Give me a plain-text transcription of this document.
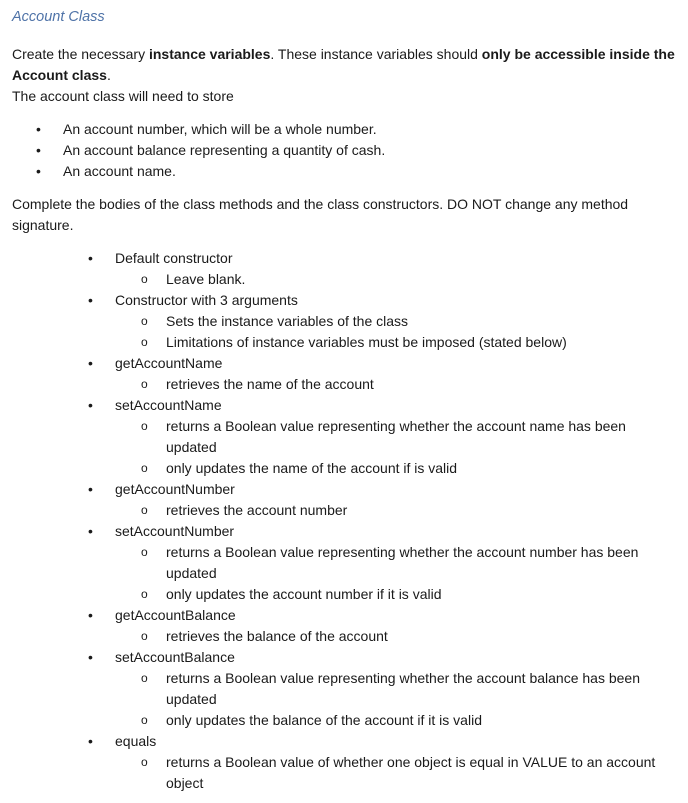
Account Class

Create the necessary instance variables. These instance variables should only be accessible inside the Account class.

The account class will need to store

• An account number, which will be a whole number.
• An account balance representing a quantity of cash.
• An account name.

Complete the bodies of the class methods and the class constructors. DO NOT change any method signature.

• Default constructor
o Leave blank.
• Constructor with 3 arguments
o Sets the instance variables of the class
o Limitations of instance variables must be imposed (stated below)
• getAccountName
o retrieves the name of the account
• setAccountName
o returns a Boolean value representing whether the account name has been updated
o only updates the name of the account if is valid
• getAccountNumber
o retrieves the account number
• setAccountNumber
o returns a Boolean value representing whether the account number has been updated
o only updates the account number if it is valid
• getAccountBalance
o retrieves the balance of the account
• setAccountBalance
o returns a Boolean value representing whether the account balance has been updated
o only updates the balance of the account if it is valid
• equals
o returns a Boolean value of whether one object is equal in VALUE to an account object
